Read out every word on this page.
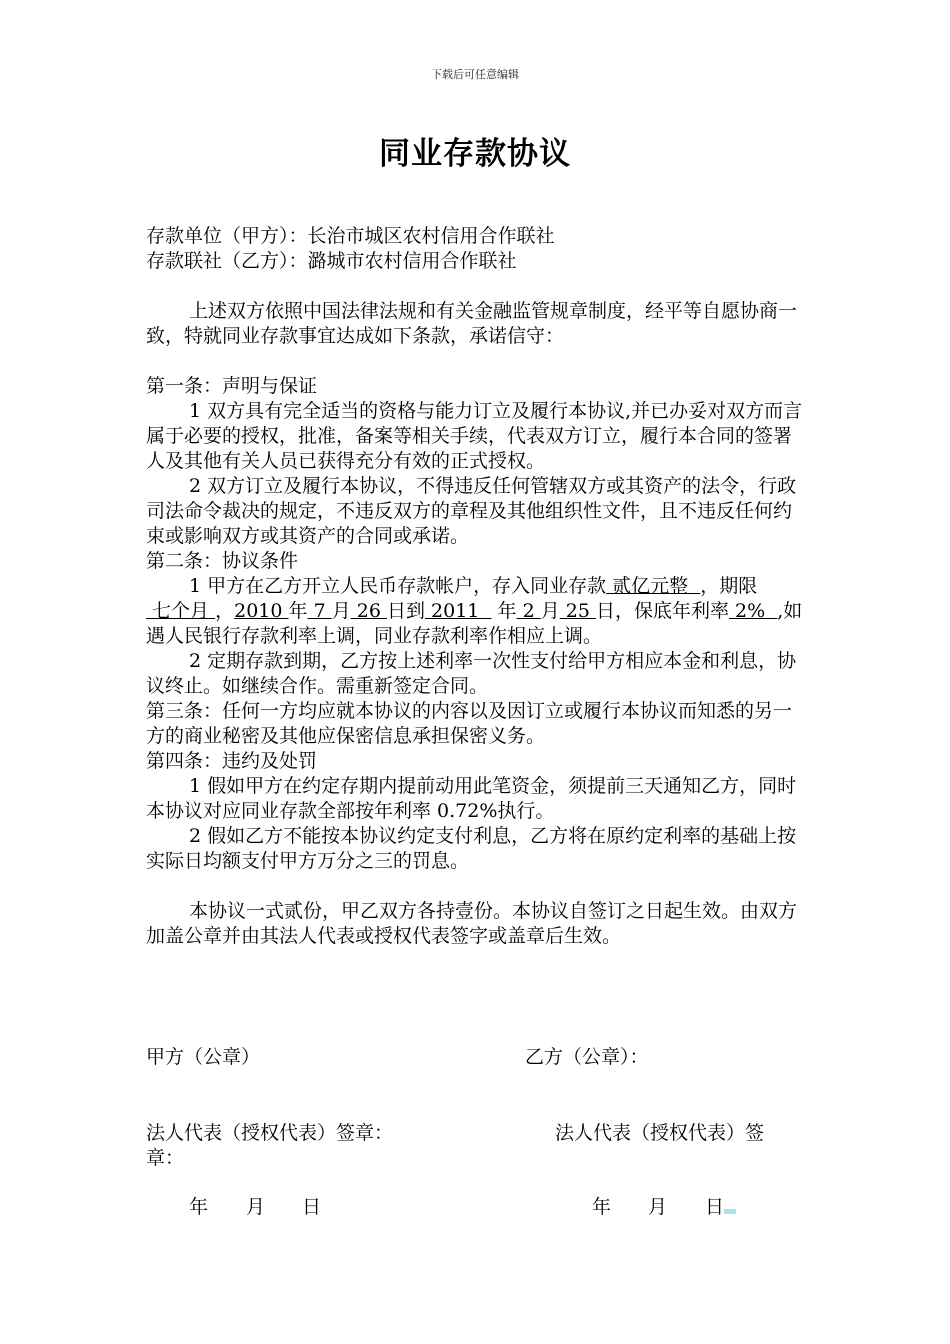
下载后可任意编辑
同业存款协议

存款单位（甲方）：长治市城区农村信用合作联社

存款联社（乙方）：潞城市农村信用合作联社

上述双方依照中国法律法规和有关金融监管规章制度，经平等自愿协商一致，特就同业存款事宜达成如下条款，承诺信守：

第一条：声明与保证

1 双方具有完全适当的资格与能力订立及履行本协议,并已办妥对双方而言属于必要的授权，批准，备案等相关手续，代表双方订立，履行本合同的签署人及其他有关人员已获得充分有效的正式授权。

2 双方订立及履行本协议，不得违反任何管辖双方或其资产的法令，行政司法命令裁决的规定，不违反双方的章程及其他组织性文件，且不违反任何约束或影响双方或其资产的合同或承诺。

第二条：协议条件

1 甲方在乙方开立人民币存款帐户，存入同业存款 贰亿元整  ，期限 七个月 ，2010 年 7 月 26 日到 2011   年 2 月 25 日，保底年利率 2%  ,如遇人民银行存款利率上调，同业存款利率作相应上调。

2 定期存款到期，乙方按上述利率一次性支付给甲方相应本金和利息，协议终止。如继续合作。需重新签定合同。

第三条：任何一方均应就本协议的内容以及因订立或履行本协议而知悉的另一方的商业秘密及其他应保密信息承担保密义务。

第四条：违约及处罚

1 假如甲方在约定存期内提前动用此笔资金，须提前三天通知乙方，同时本协议对应同业存款全部按年利率 0.72%执行。

2 假如乙方不能按本协议约定支付利息，乙方将在原约定利率的基础上按实际日均额支付甲方万分之三的罚息。

本协议一式贰份，甲乙双方各持壹份。本协议自签订之日起生效。由双方加盖公章并由其法人代表或授权代表签字或盖章后生效。

甲方（公章）	乙方（公章）：
法人代表（授权代表）签章：	法人代表（授权代表）签
章：
年 月 日	年 月 日
